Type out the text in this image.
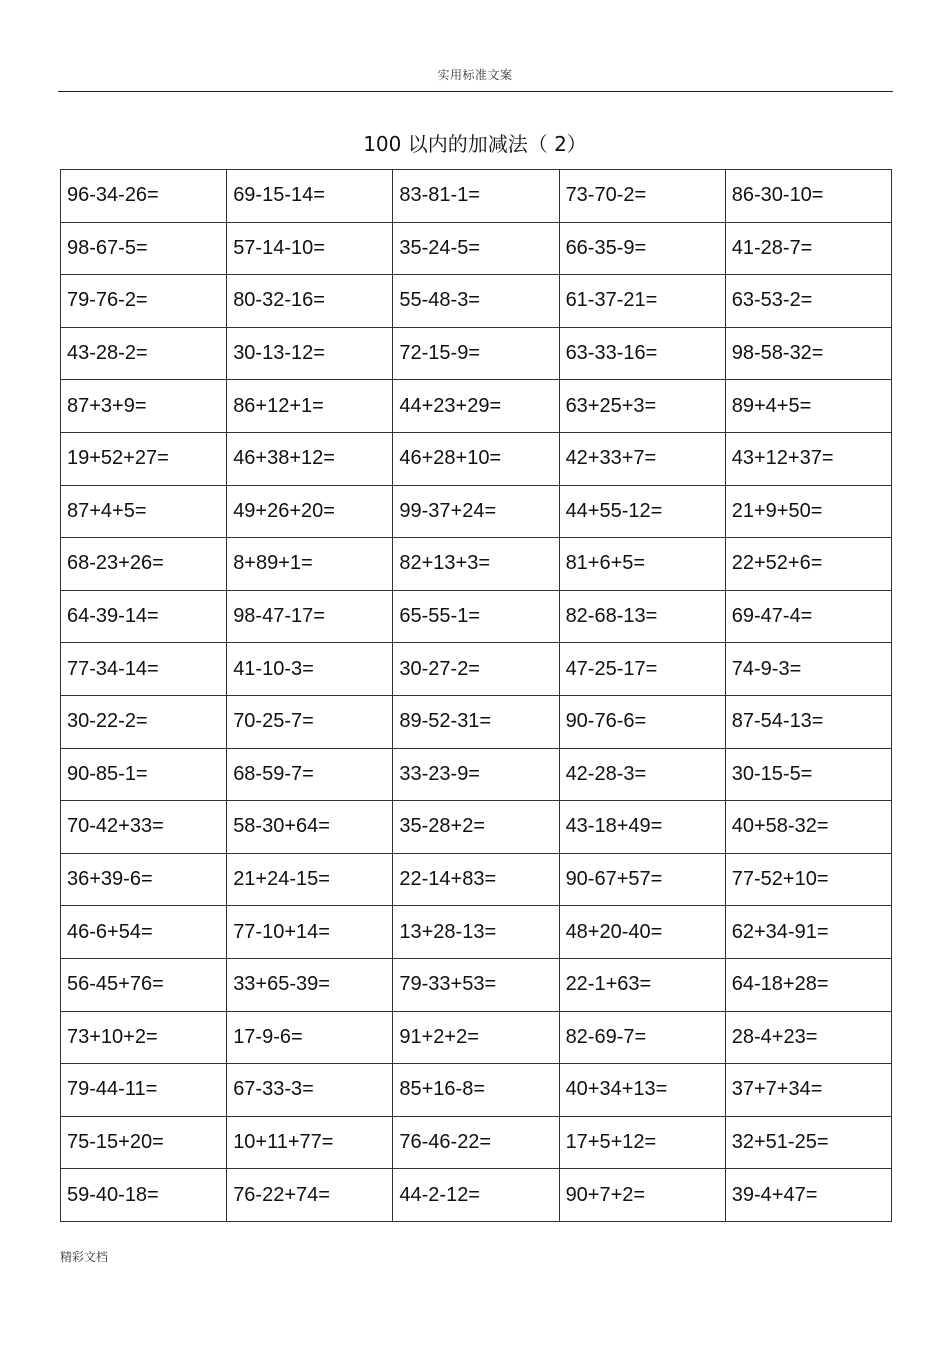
实用标准文案
100 以内的加减法（ 2）
96-34-26=	69-15-14=	83-81-1=	73-70-2=	86-30-10=
98-67-5=	57-14-10=	35-24-5=	66-35-9=	41-28-7=
79-76-2=	80-32-16=	55-48-3=	61-37-21=	63-53-2=
43-28-2=	30-13-12=	72-15-9=	63-33-16=	98-58-32=
87+3+9=	86+12+1=	44+23+29=	63+25+3=	89+4+5=
19+52+27=	46+38+12=	46+28+10=	42+33+7=	43+12+37=
87+4+5=	49+26+20=	99-37+24=	44+55-12=	21+9+50=
68-23+26=	8+89+1=	82+13+3=	81+6+5=	22+52+6=
64-39-14=	98-47-17=	65-55-1=	82-68-13=	69-47-4=
77-34-14=	41-10-3=	30-27-2=	47-25-17=	74-9-3=
30-22-2=	70-25-7=	89-52-31=	90-76-6=	87-54-13=
90-85-1=	68-59-7=	33-23-9=	42-28-3=	30-15-5=
70-42+33=	58-30+64=	35-28+2=	43-18+49=	40+58-32=
36+39-6=	21+24-15=	22-14+83=	90-67+57=	77-52+10=
46-6+54=	77-10+14=	13+28-13=	48+20-40=	62+34-91=
56-45+76=	33+65-39=	79-33+53=	22-1+63=	64-18+28=
73+10+2=	17-9-6=	91+2+2=	82-69-7=	28-4+23=
79-44-11=	67-33-3=	85+16-8=	40+34+13=	37+7+34=
75-15+20=	10+11+77=	76-46-22=	17+5+12=	32+51-25=
59-40-18=	76-22+74=	44-2-12=	90+7+2=	39-4+47=
精彩文档
